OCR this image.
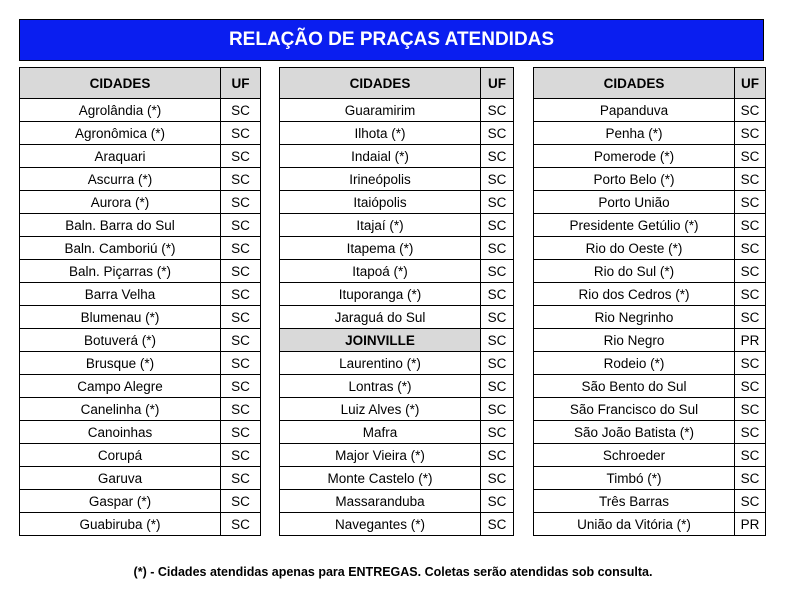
RELAÇÃO DE PRAÇAS ATENDIDAS
CIDADES	UF
Agrolândia (*)	SC
Agronômica (*)	SC
Araquari	SC
Ascurra (*)	SC
Aurora (*)	SC
Baln. Barra do Sul	SC
Baln. Camboriú (*)	SC
Baln. Piçarras (*)	SC
Barra Velha	SC
Blumenau (*)	SC
Botuverá (*)	SC
Brusque (*)	SC
Campo Alegre	SC
Canelinha (*)	SC
Canoinhas	SC
Corupá	SC
Garuva	SC
Gaspar (*)	SC
Guabiruba (*)	SC
CIDADES	UF
Guaramirim	SC
Ilhota (*)	SC
Indaial (*)	SC
Irineópolis	SC
Itaiópolis	SC
Itajaí (*)	SC
Itapema (*)	SC
Itapoá (*)	SC
Ituporanga (*)	SC
Jaraguá do Sul	SC
JOINVILLE	SC
Laurentino (*)	SC
Lontras (*)	SC
Luiz Alves (*)	SC
Mafra	SC
Major Vieira (*)	SC
Monte Castelo (*)	SC
Massaranduba	SC
Navegantes (*)	SC
CIDADES	UF
Papanduva	SC
Penha (*)	SC
Pomerode (*)	SC
Porto Belo (*)	SC
Porto União	SC
Presidente Getúlio (*)	SC
Rio do Oeste (*)	SC
Rio do Sul (*)	SC
Rio dos Cedros (*)	SC
Rio Negrinho	SC
Rio Negro	PR
Rodeio (*)	SC
São Bento do Sul	SC
São Francisco do Sul	SC
São João Batista (*)	SC
Schroeder	SC
Timbó (*)	SC
Três Barras	SC
União da Vitória (*)	PR
(*) - Cidades atendidas apenas para ENTREGAS. Coletas serão atendidas sob consulta.
